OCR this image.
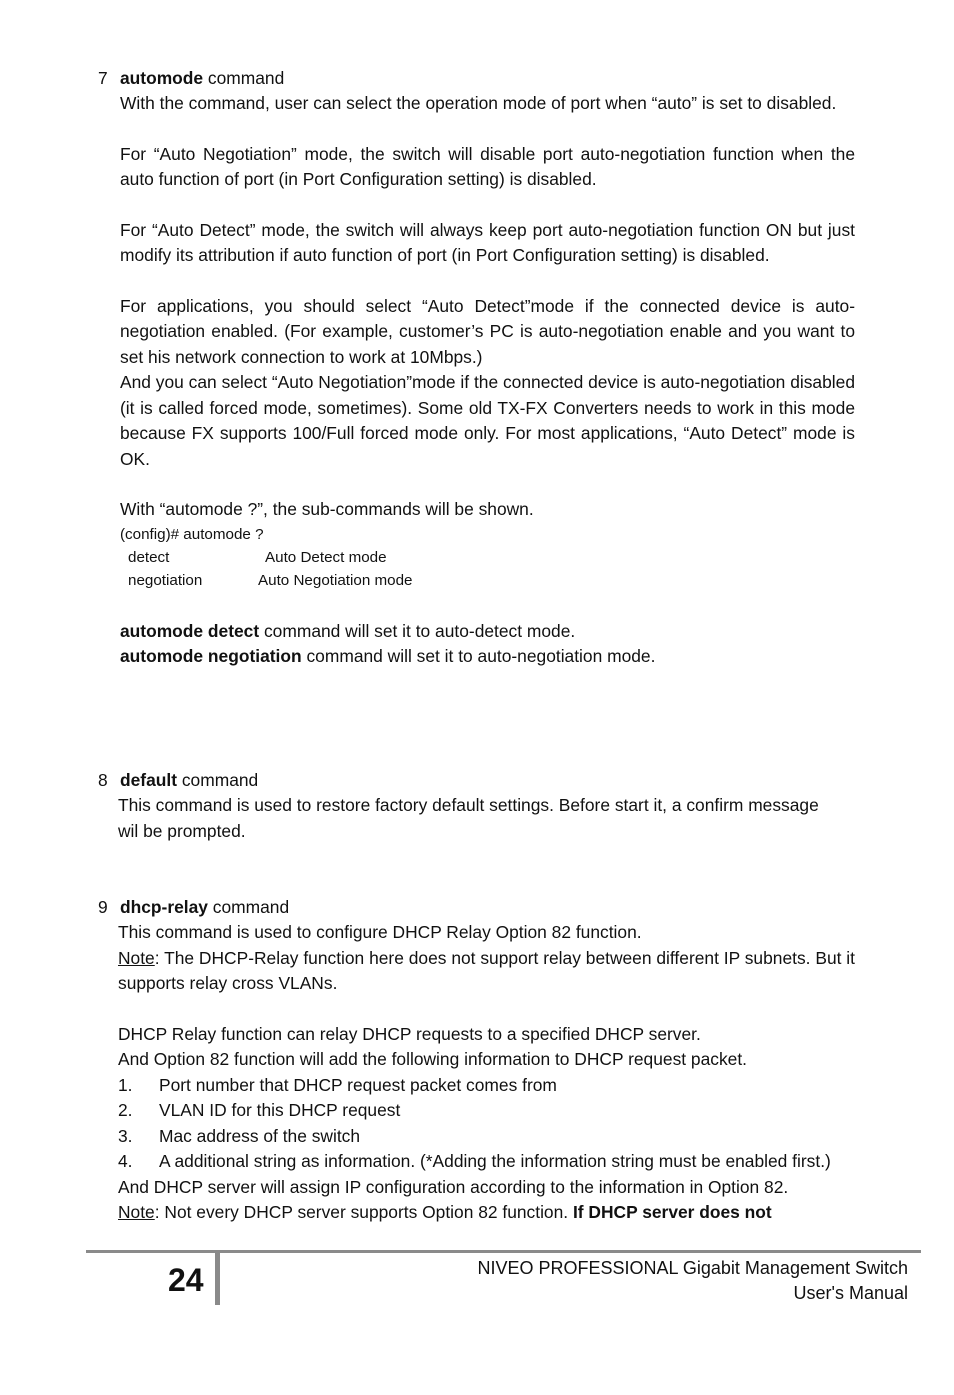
7 automode command

With the command, user can select the operation mode of port when “auto” is set to disabled.

For “Auto Negotiation” mode, the switch will disable port auto-negotiation function when the auto function of port (in Port Configuration setting) is disabled.

For “Auto Detect” mode, the switch will always keep port auto-negotiation function ON but just modify its attribution if auto function of port (in Port Configuration setting) is disabled.

For applications, you should select “Auto Detect”mode if the connected device is auto-negotiation enabled. (For example, customer’s PC is auto-negotiation enable and you want to set his network connection to work at 10Mbps.)

And you can select “Auto Negotiation”mode if the connected device is auto-negotiation disabled (it is called forced mode, sometimes). Some old TX-FX Converters needs to work in this mode because FX supports 100/Full forced mode only. For most applications, “Auto Detect” mode is OK.

With “automode ?”, the sub-commands will be shown.

(config)# automode ?
detect	Auto Detect mode
negotiation	Auto Negotiation mode

automode detect command will set it to auto-detect mode.

automode negotiation command will set it to auto-negotiation mode.

8 default command

This command is used to restore factory default settings. Before start it, a confirm message wil be prompted.

9 dhcp-relay command

This command is used to configure DHCP Relay Option 82 function.

Note: The DHCP-Relay function here does not support relay between different IP subnets. But it supports relay cross VLANs.

DHCP Relay function can relay DHCP requests to a specified DHCP server.

And Option 82 function will add the following information to DHCP request packet.

1.	Port number that DHCP request packet comes from
2.	VLAN ID for this DHCP request
3.	Mac address of the switch
4.	A additional string as information. (*Adding the information string must be enabled first.)

And DHCP server will assign IP configuration according to the information in Option 82.

Note: Not every DHCP server supports Option 82 function. If DHCP server does not

24	NIVEO PROFESSIONAL Gigabit Management Switch
User's Manual
